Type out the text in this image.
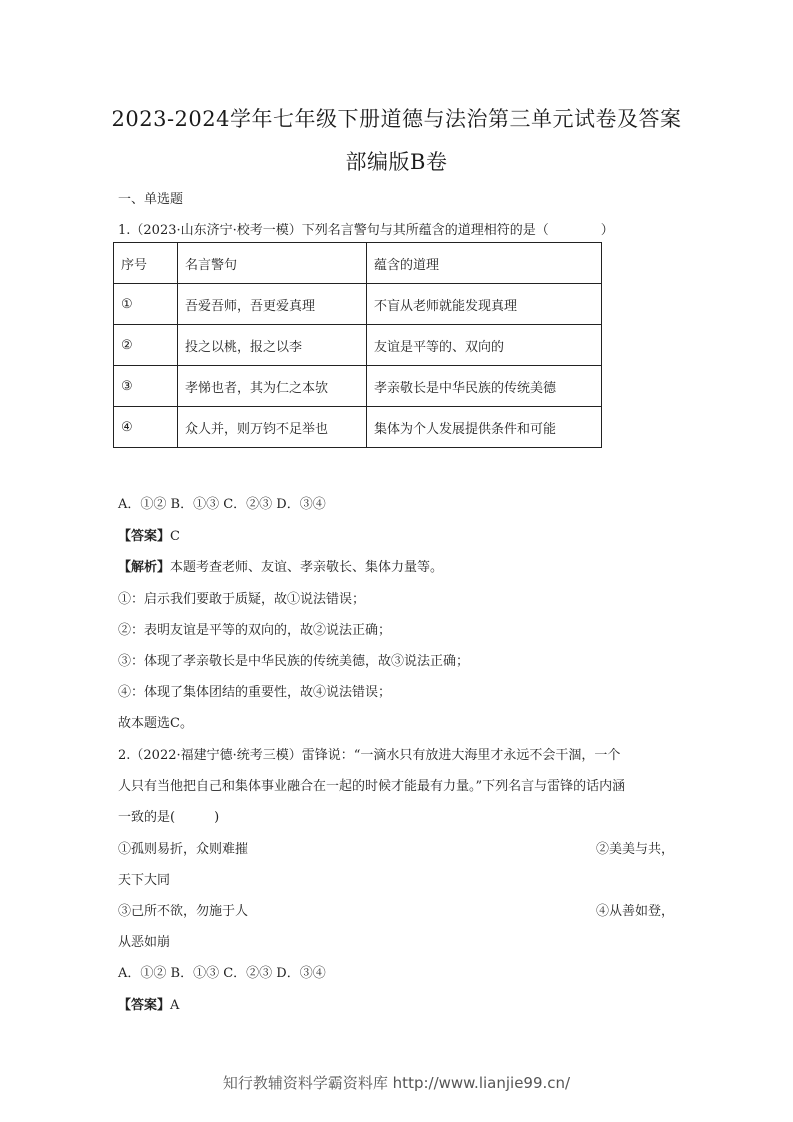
2023-2024学年七年级下册道德与法治第三单元试卷及答案
部编版B卷
一、单选题
1.（2023·山东济宁·校考一模）下列名言警句与其所蕴含的道理相符的是（　　　　）
序号	名言警句	蕴含的道理
①	吾爱吾师，吾更爱真理	不盲从老师就能发现真理
②	投之以桃，报之以李	友谊是平等的、双向的
③	孝悌也者，其为仁之本欤	孝亲敬长是中华民族的传统美德
④	众人并，则万钧不足举也	集体为个人发展提供条件和可能
A．①② B．①③ C．②③ D．③④
【答案】C
【解析】本题考查老师、友谊、孝亲敬长、集体力量等。
①：启示我们要敢于质疑，故①说法错误；
②：表明友谊是平等的双向的，故②说法正确；
③：体现了孝亲敬长是中华民族的传统美德，故③说法正确；
④：体现了集体团结的重要性，故④说法错误；
故本题选C。
2.（2022·福建宁德·统考三模）雷锋说：“一滴水只有放进大海里才永远不会干涸，一个
人只有当他把自己和集体事业融合在一起的时候才能最有力量。”下列名言与雷锋的话内涵
一致的是(　　　)
①孤则易折，众则难摧	②美美与共，
天下大同
③己所不欲，勿施于人	④从善如登，
从恶如崩
A．①② B．①③ C．②③ D．③④
【答案】A
知行教辅资料学霸资料库 http://www.lianjie99.cn/
